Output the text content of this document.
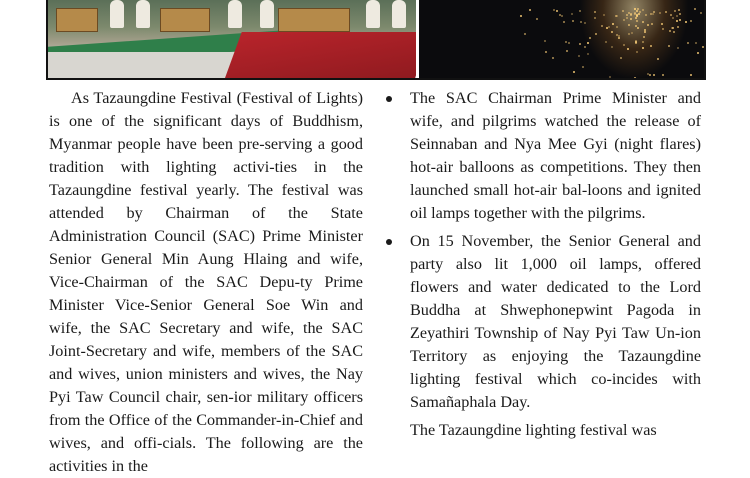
As Tazaungdine Festival (Festival of Lights) is one of the significant days of Buddhism, Myanmar people have been pre-serving a good tradition with lighting activi-ties in the Tazaungdine festival yearly. The festival was attended by Chairman of the State Administration Council (SAC) Prime Minister Senior General Min Aung Hlaing and wife, Vice-Chairman of the SAC Depu-ty Prime Minister Vice-Senior General Soe Win and wife, the SAC Secretary and wife, the SAC Joint-Secretary and wife, members of the SAC and wives, union ministers and wives, the Nay Pyi Taw Council chair, sen-ior military officers from the Office of the Commander-in-Chief and wives, and offi-cials. The following are the activities in the

The SAC Chairman Prime Minister and wife, and pilgrims watched the release of Seinnaban and Nya Mee Gyi (night flares) hot-air balloons as competitions. They then launched small hot-air bal-loons and ignited oil lamps together with the pilgrims.
On 15 November, the Senior General and party also lit 1,000 oil lamps, offered flowers and water dedicated to the Lord Buddha at Shwephonepwint Pagoda in Zeyathiri Township of Nay Pyi Taw Un-ion Territory as enjoying the Tazaungdine lighting festival which co-incides with Samañaphala Day.

The Tazaungdine lighting festival was
